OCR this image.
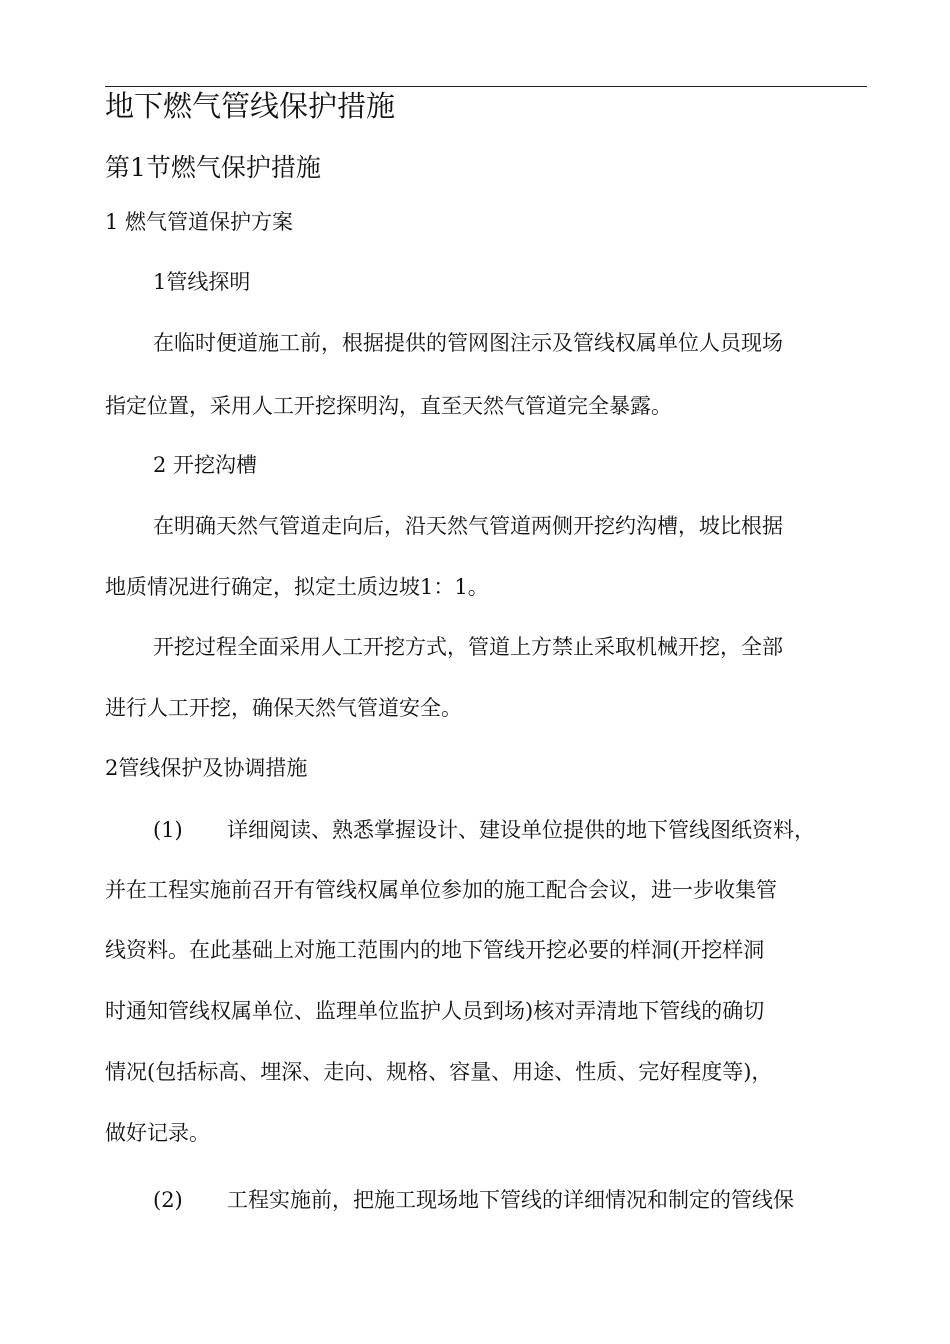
地下燃气管线保护措施
第1节燃气保护措施
1 燃气管道保护方案
1管线探明
在临时便道施工前，根据提供的管网图注示及管线权属单位人员现场
指定位置，采用人工开挖探明沟，直至天然气管道完全暴露。
2 开挖沟槽
在明确天然气管道走向后，沿天然气管道两侧开挖约沟槽，坡比根据
地质情况进行确定，拟定土质边坡1：1。
开挖过程全面采用人工开挖方式，管道上方禁止采取机械开挖，全部
进行人工开挖，确保天然气管道安全。
2管线保护及协调措施
(1) 详细阅读、熟悉掌握设计、建设单位提供的地下管线图纸资料，
并在工程实施前召开有管线权属单位参加的施工配合会议，进一步收集管
线资料。在此基础上对施工范围内的地下管线开挖必要的样洞(开挖样洞
时通知管线权属单位、监理单位监护人员到场)核对弄清地下管线的确切
情况(包括标高、埋深、走向、规格、容量、用途、性质、完好程度等)，
做好记录。
(2) 工程实施前，把施工现场地下管线的详细情况和制定的管线保
